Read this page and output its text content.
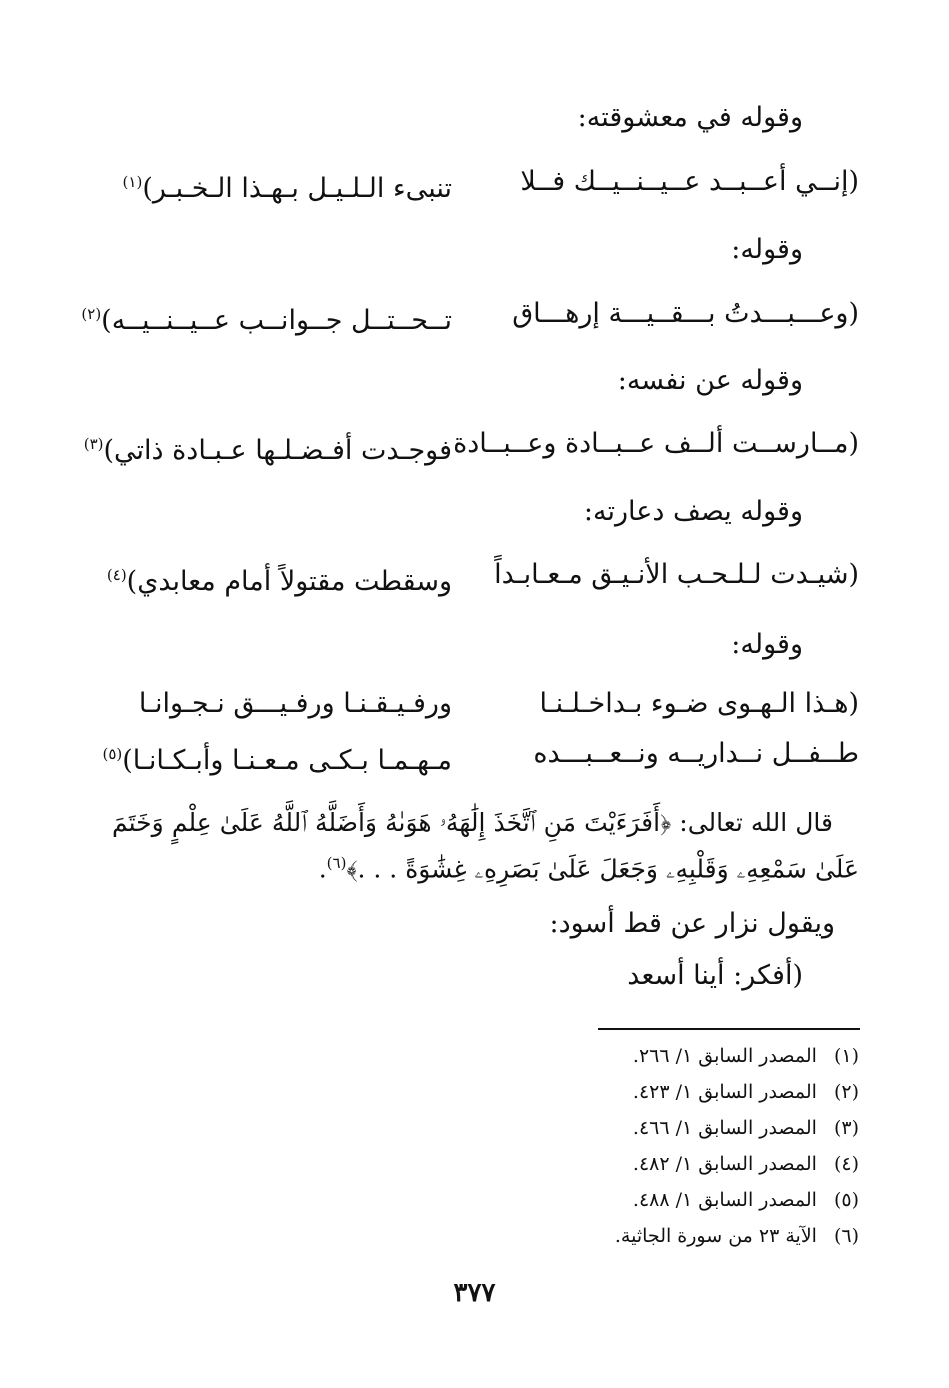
وقوله في معشوقته:
(إنــي أعــبــد عــيــنــيــك فــلا
تنبىء الـلـيـل بـهـذا الـخـبـر)$^{(١)}$
وقوله:
(وعـــبـــدتُ بـــقــيـــة إرهـــاق
تــحــتــل جــوانــب عــيــنــيــه)$^{(٢)}$
وقوله عن نفسه:
(مــارســت ألــف عــبــادة وعــبــادة
فوجـدت أفـضـلـها عـبـادة ذاتي)$^{(٣)}$
وقوله يصف دعارته:
(شيـدت لـلـحـب الأنـيـق مـعـابـداً
وسقطت مقتولاً أمام معابدي)$^{(٤)}$
وقوله:
(هـذا الـهـوى ضـوء بـداخـلـنـا
ورفـيـقـنـا ورفـيـــق نـجـوانـا
طــفــل نــداريــه ونــعــبـــده
مـهـمـا بـكـى مـعـنـا وأبـكـانـا)$^{(٥)}$
قال الله تعالى: ﴿أَفَرَءَيْتَ مَنِ ٱتَّخَذَ إِلَٰهَهُۥ هَوَىٰهُ وَأَضَلَّهُ ٱللَّهُ عَلَىٰ عِلْمٍ وَخَتَمَ عَلَىٰ سَمْعِهِۦ وَقَلْبِهِۦ وَجَعَلَ عَلَىٰ بَصَرِهِۦ غِشَٰوَةً . . .﴾$^{(٦)}$.
ويقول نزار عن قط أسود:
(أفكر: أينا أسعد
(١) المصدر السابق ١/ ٢٦٦.
(٢) المصدر السابق ١/ ٤٢٣.
(٣) المصدر السابق ١/ ٤٦٦.
(٤) المصدر السابق ١/ ٤٨٢.
(٥) المصدر السابق ١/ ٤٨٨.
(٦) الآية ٢٣ من سورة الجاثية.
٣٧٧
